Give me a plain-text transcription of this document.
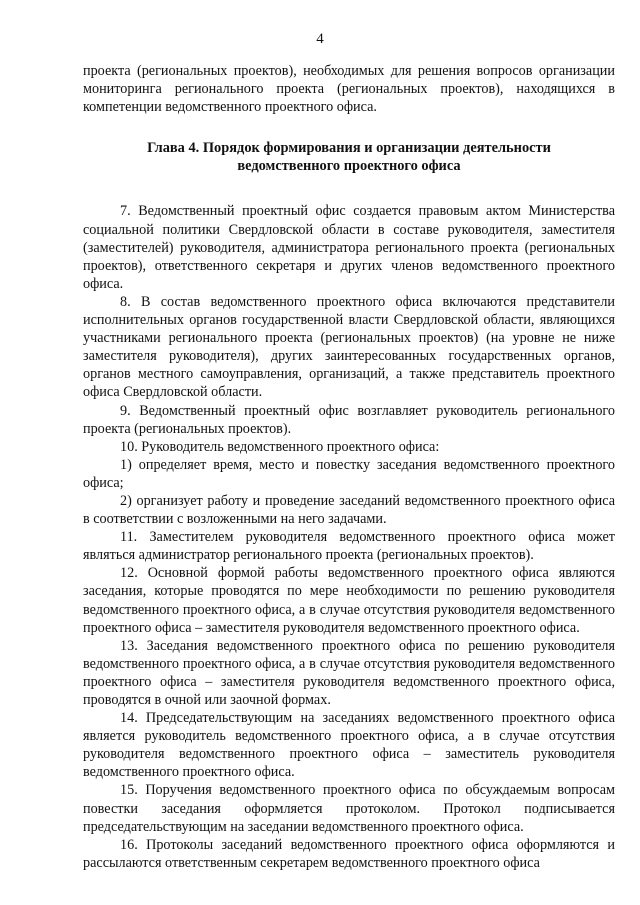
4

проекта (региональных проектов), необходимых для решения вопросов организации мониторинга регионального проекта (региональных проектов), находящихся в компетенции ведомственного проектного офиса.

Глава 4. Порядок формирования и организации деятельности
ведомственного проектного офиса

7. Ведомственный проектный офис создается правовым актом Министерства социальной политики Свердловской области в составе руководителя, заместителя (заместителей) руководителя, администратора регионального проекта (региональных проектов), ответственного секретаря и других членов ведомственного проектного офиса.

8. В состав ведомственного проектного офиса включаются представители исполнительных органов государственной власти Свердловской области, являющихся участниками регионального проекта (региональных проектов) (на уровне не ниже заместителя руководителя), других заинтересованных государственных органов, органов местного самоуправления, организаций, а также представитель проектного офиса Свердловской области.

9. Ведомственный проектный офис возглавляет руководитель регионального проекта (региональных проектов).

10. Руководитель ведомственного проектного офиса:

1) определяет время, место и повестку заседания ведомственного проектного офиса;

2) организует работу и проведение заседаний ведомственного проектного офиса в соответствии с возложенными на него задачами.

11. Заместителем руководителя ведомственного проектного офиса может являться администратор регионального проекта (региональных проектов).

12. Основной формой работы ведомственного проектного офиса являются заседания, которые проводятся по мере необходимости по решению руководителя ведомственного проектного офиса, а в случае отсутствия руководителя ведомственного проектного офиса – заместителя руководителя ведомственного проектного офиса.

13. Заседания ведомственного проектного офиса по решению руководителя ведомственного проектного офиса, а в случае отсутствия руководителя ведомственного проектного офиса – заместителя руководителя ведомственного проектного офиса, проводятся в очной или заочной формах.

14. Председательствующим на заседаниях ведомственного проектного офиса является руководитель ведомственного проектного офиса, а в случае отсутствия руководителя ведомственного проектного офиса – заместитель руководителя ведомственного проектного офиса.

15. Поручения ведомственного проектного офиса по обсуждаемым вопросам повестки заседания оформляется протоколом. Протокол подписывается председательствующим на заседании ведомственного проектного офиса.

16. Протоколы заседаний ведомственного проектного офиса оформляются и рассылаются ответственным секретарем ведомственного проектного офиса
